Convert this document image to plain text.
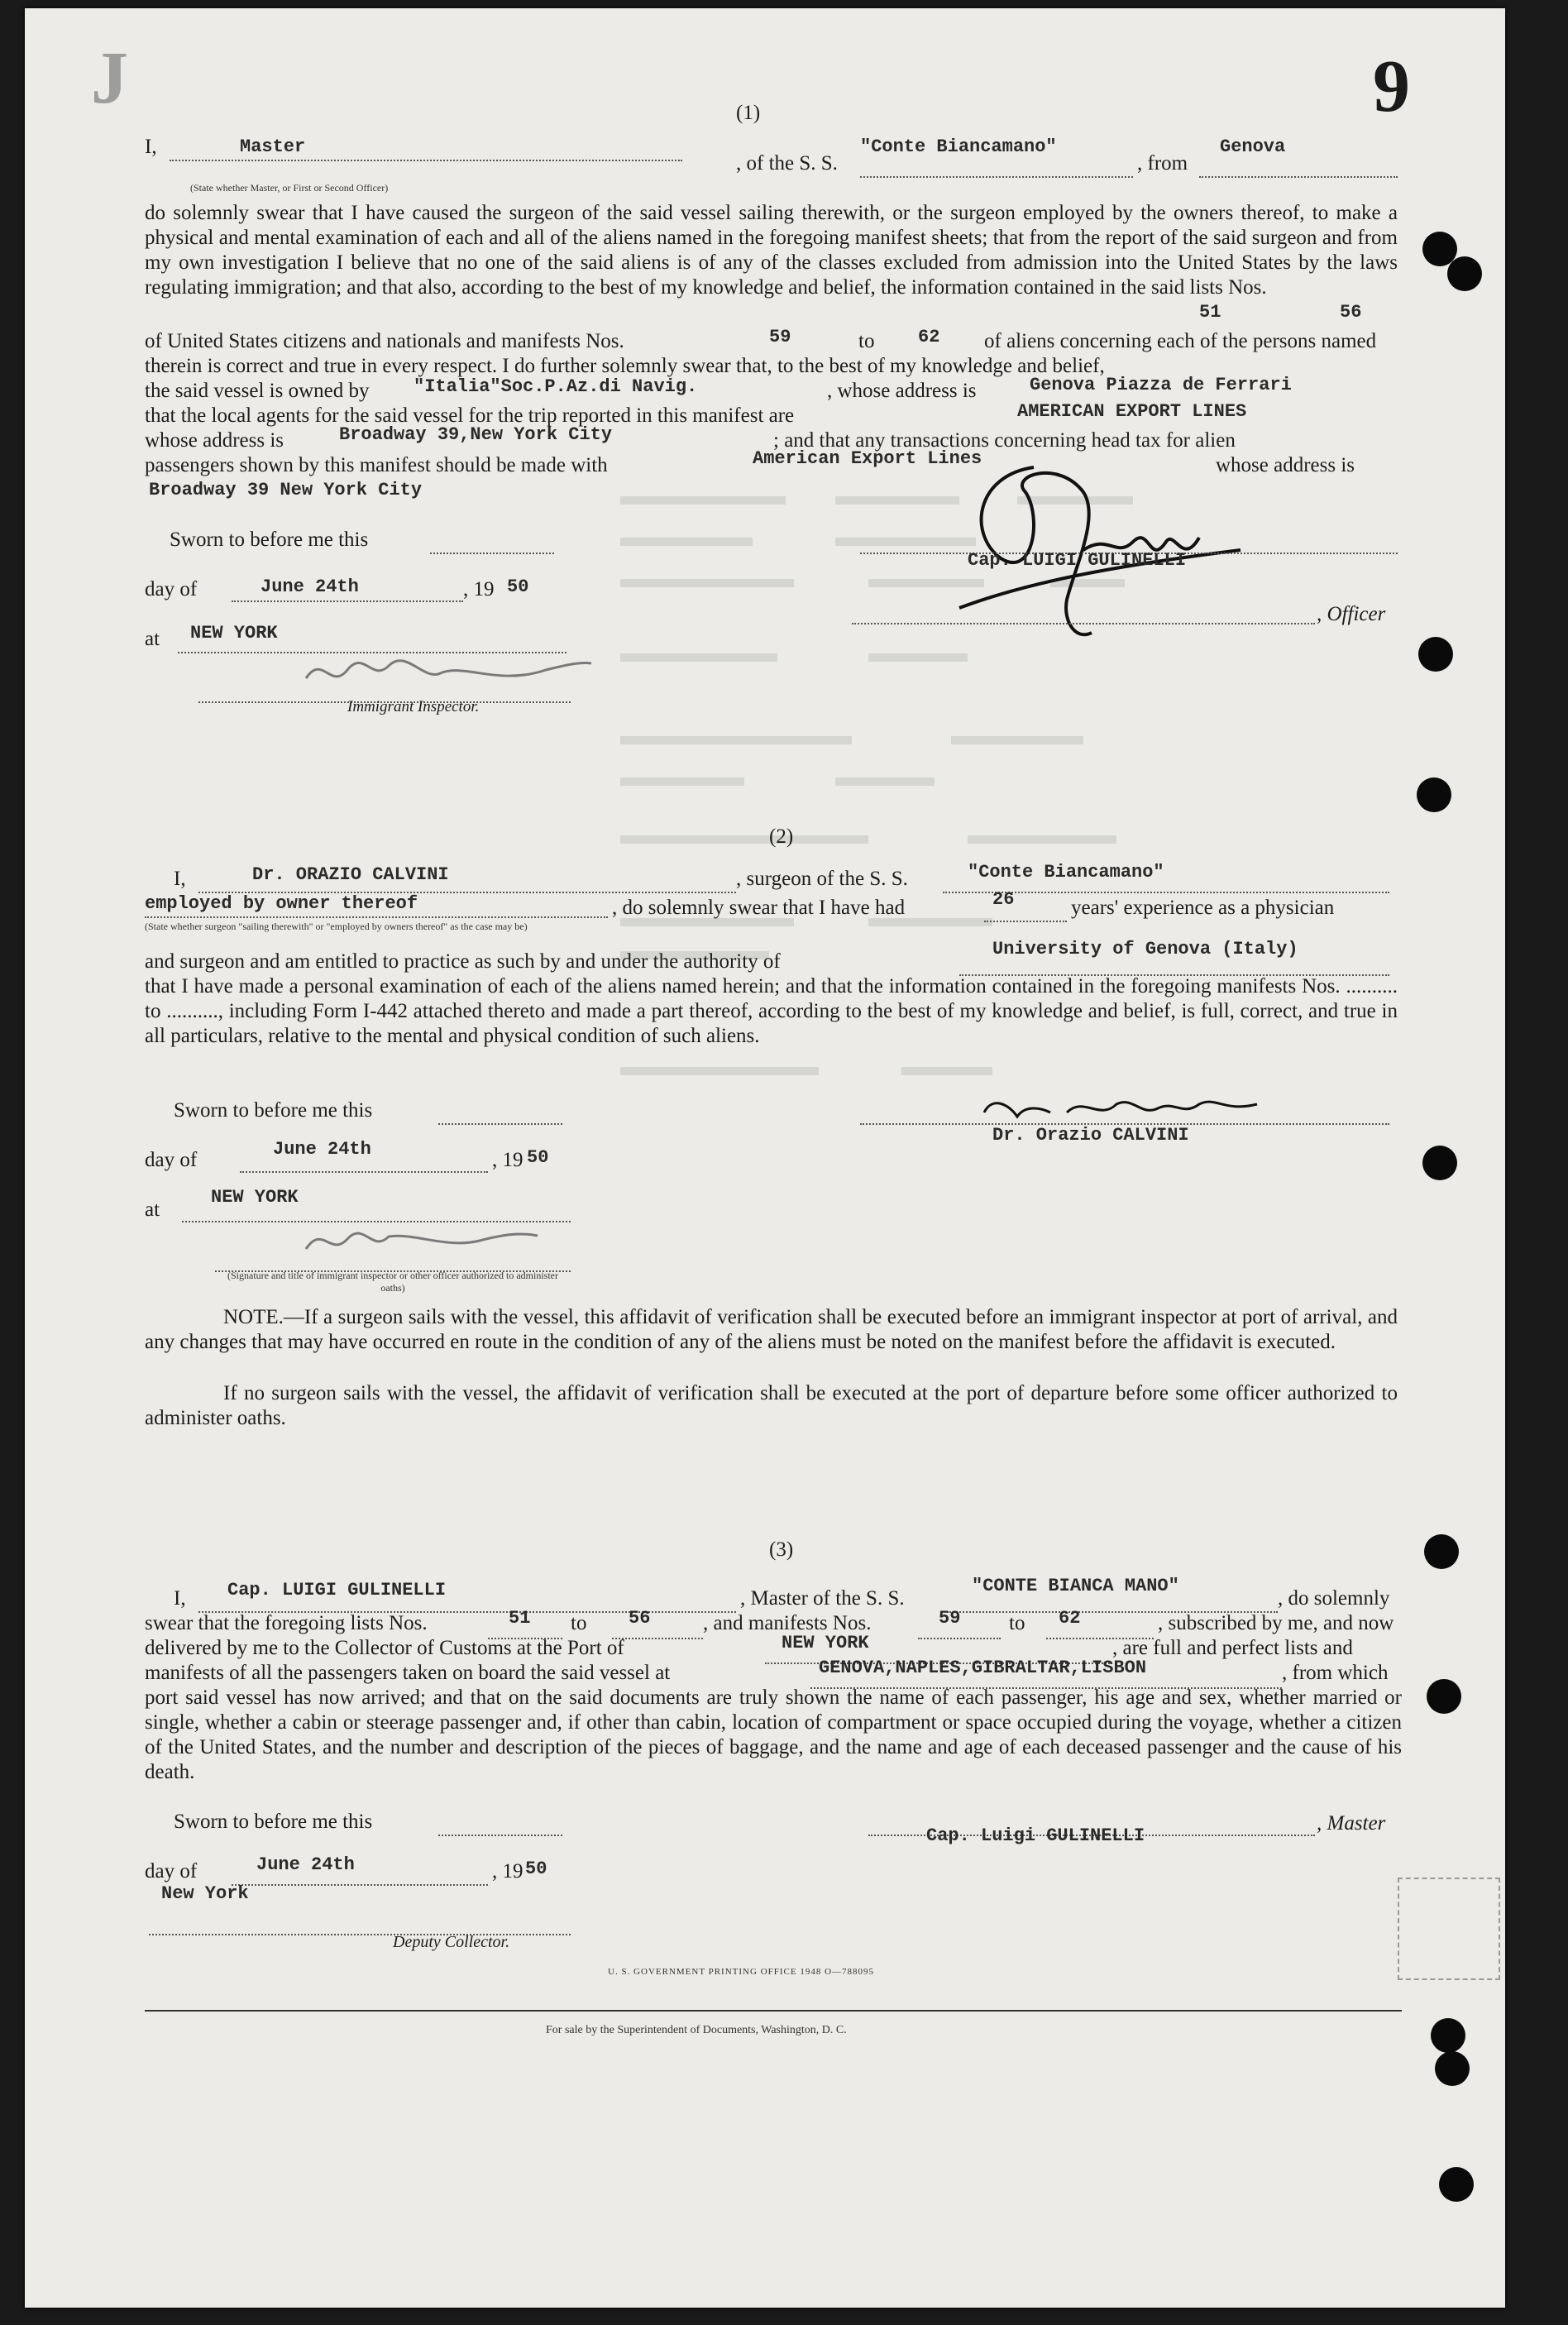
J	9
(1)
I,	Master
(State whether Master, or First or Second Officer)
, of the S. S.
"Conte Biancamano"
, from
Genova
do solemnly swear that I have caused the surgeon of the said vessel sailing therewith, or the surgeon employed by the owners thereof, to make a physical and mental examination of each and all of the aliens named in the foregoing manifest sheets; that from the report of the said surgeon and from my own investigation I believe that no one of the said aliens is of any of the classes excluded from admission into the United States by the laws regulating immigration; and that also, according to the best of my knowledge and belief, the information contained in the said lists Nos.
51	56
of United States citizens and nationals and manifests Nos.	59	to 62 of aliens concerning each of the persons named
therein is correct and true in every respect. I do further solemnly swear that, to the best of my knowledge and belief,
the said vessel is owned by "Italia"Soc.P.Az.di Navig.	, whose address is	Genova Piazza de Ferrari
that the local agents for the said vessel for the trip reported in this manifest are	AMERICAN EXPORT LINES
whose address is	Broadway 39,New York City	; and that any transactions concerning head tax for alien
passengers shown by this manifest should be made with	American Export Lines	whose address is
Broadway 39 New York City
Sworn to before me this
day of	June 24th	, 19 50
at NEW YORK
Immigrant Inspector.
Cap. LUIGI GULINELLI
, Officer
(2)
I,	Dr. ORAZIO CALVINI	, surgeon of the S. S.	"Conte Biancamano"
employed by owner thereof
(State whether surgeon "sailing therewith" or "employed by owners thereof" as the case may be)
, do solemnly swear that I have had	26	years' experience as a physician
and surgeon and am entitled to practice as such by and under the authority of
University of Genova (Italy)
that I have made a personal examination of each of the aliens named herein; and that the information contained in the foregoing manifests Nos. .......... to .........., including Form I-442 attached thereto and made a part thereof, according to the best of my knowledge and belief, is full, correct, and true in all particulars, relative to the mental and physical condition of such aliens.
Sworn to before me this
day of	June 24th	, 19 50
at
NEW YORK
(Signature and title of immigrant inspector or other officer authorized to administer oaths)
Dr. Orazio CALVINI
NOTE.—If a surgeon sails with the vessel, this affidavit of verification shall be executed before an immigrant inspector at port of arrival, and any changes that may have occurred en route in the condition of any of the aliens must be noted on the manifest before the affidavit is executed.
If no surgeon sails with the vessel, the affidavit of verification shall be executed at the port of departure before some officer authorized to administer oaths.
(3)
I, Cap. LUIGI GULINELLI	, Master of the S. S.
"CONTE BIANCA MANO"
, do solemnly
swear that the foregoing lists Nos.	51 to 56	, and manifests Nos.	59 to 62	, subscribed by me, and now
delivered by me to the Collector of Customs at the Port of	NEW YORK	, are full and perfect lists and
manifests of all the passengers taken on board the said vessel at	GENOVA,NAPLES,GIBRALTAR,LISBON	, from which
port said vessel has now arrived; and that on the said documents are truly shown the name of each passenger, his age and sex, whether married or single, whether a cabin or steerage passenger and, if other than cabin, location of compartment or space occupied during the voyage, whether a citizen of the United States, and the number and description of the pieces of baggage, and the name and age of each deceased passenger and the cause of his death.
Sworn to before me this	, Master
Cap. Luigi GULINELLI
day of	June 24th	, 19 50
New York
Deputy Collector.
U. S. GOVERNMENT PRINTING OFFICE 1948 O—788095
For sale by the Superintendent of Documents, Washington, D. C.
